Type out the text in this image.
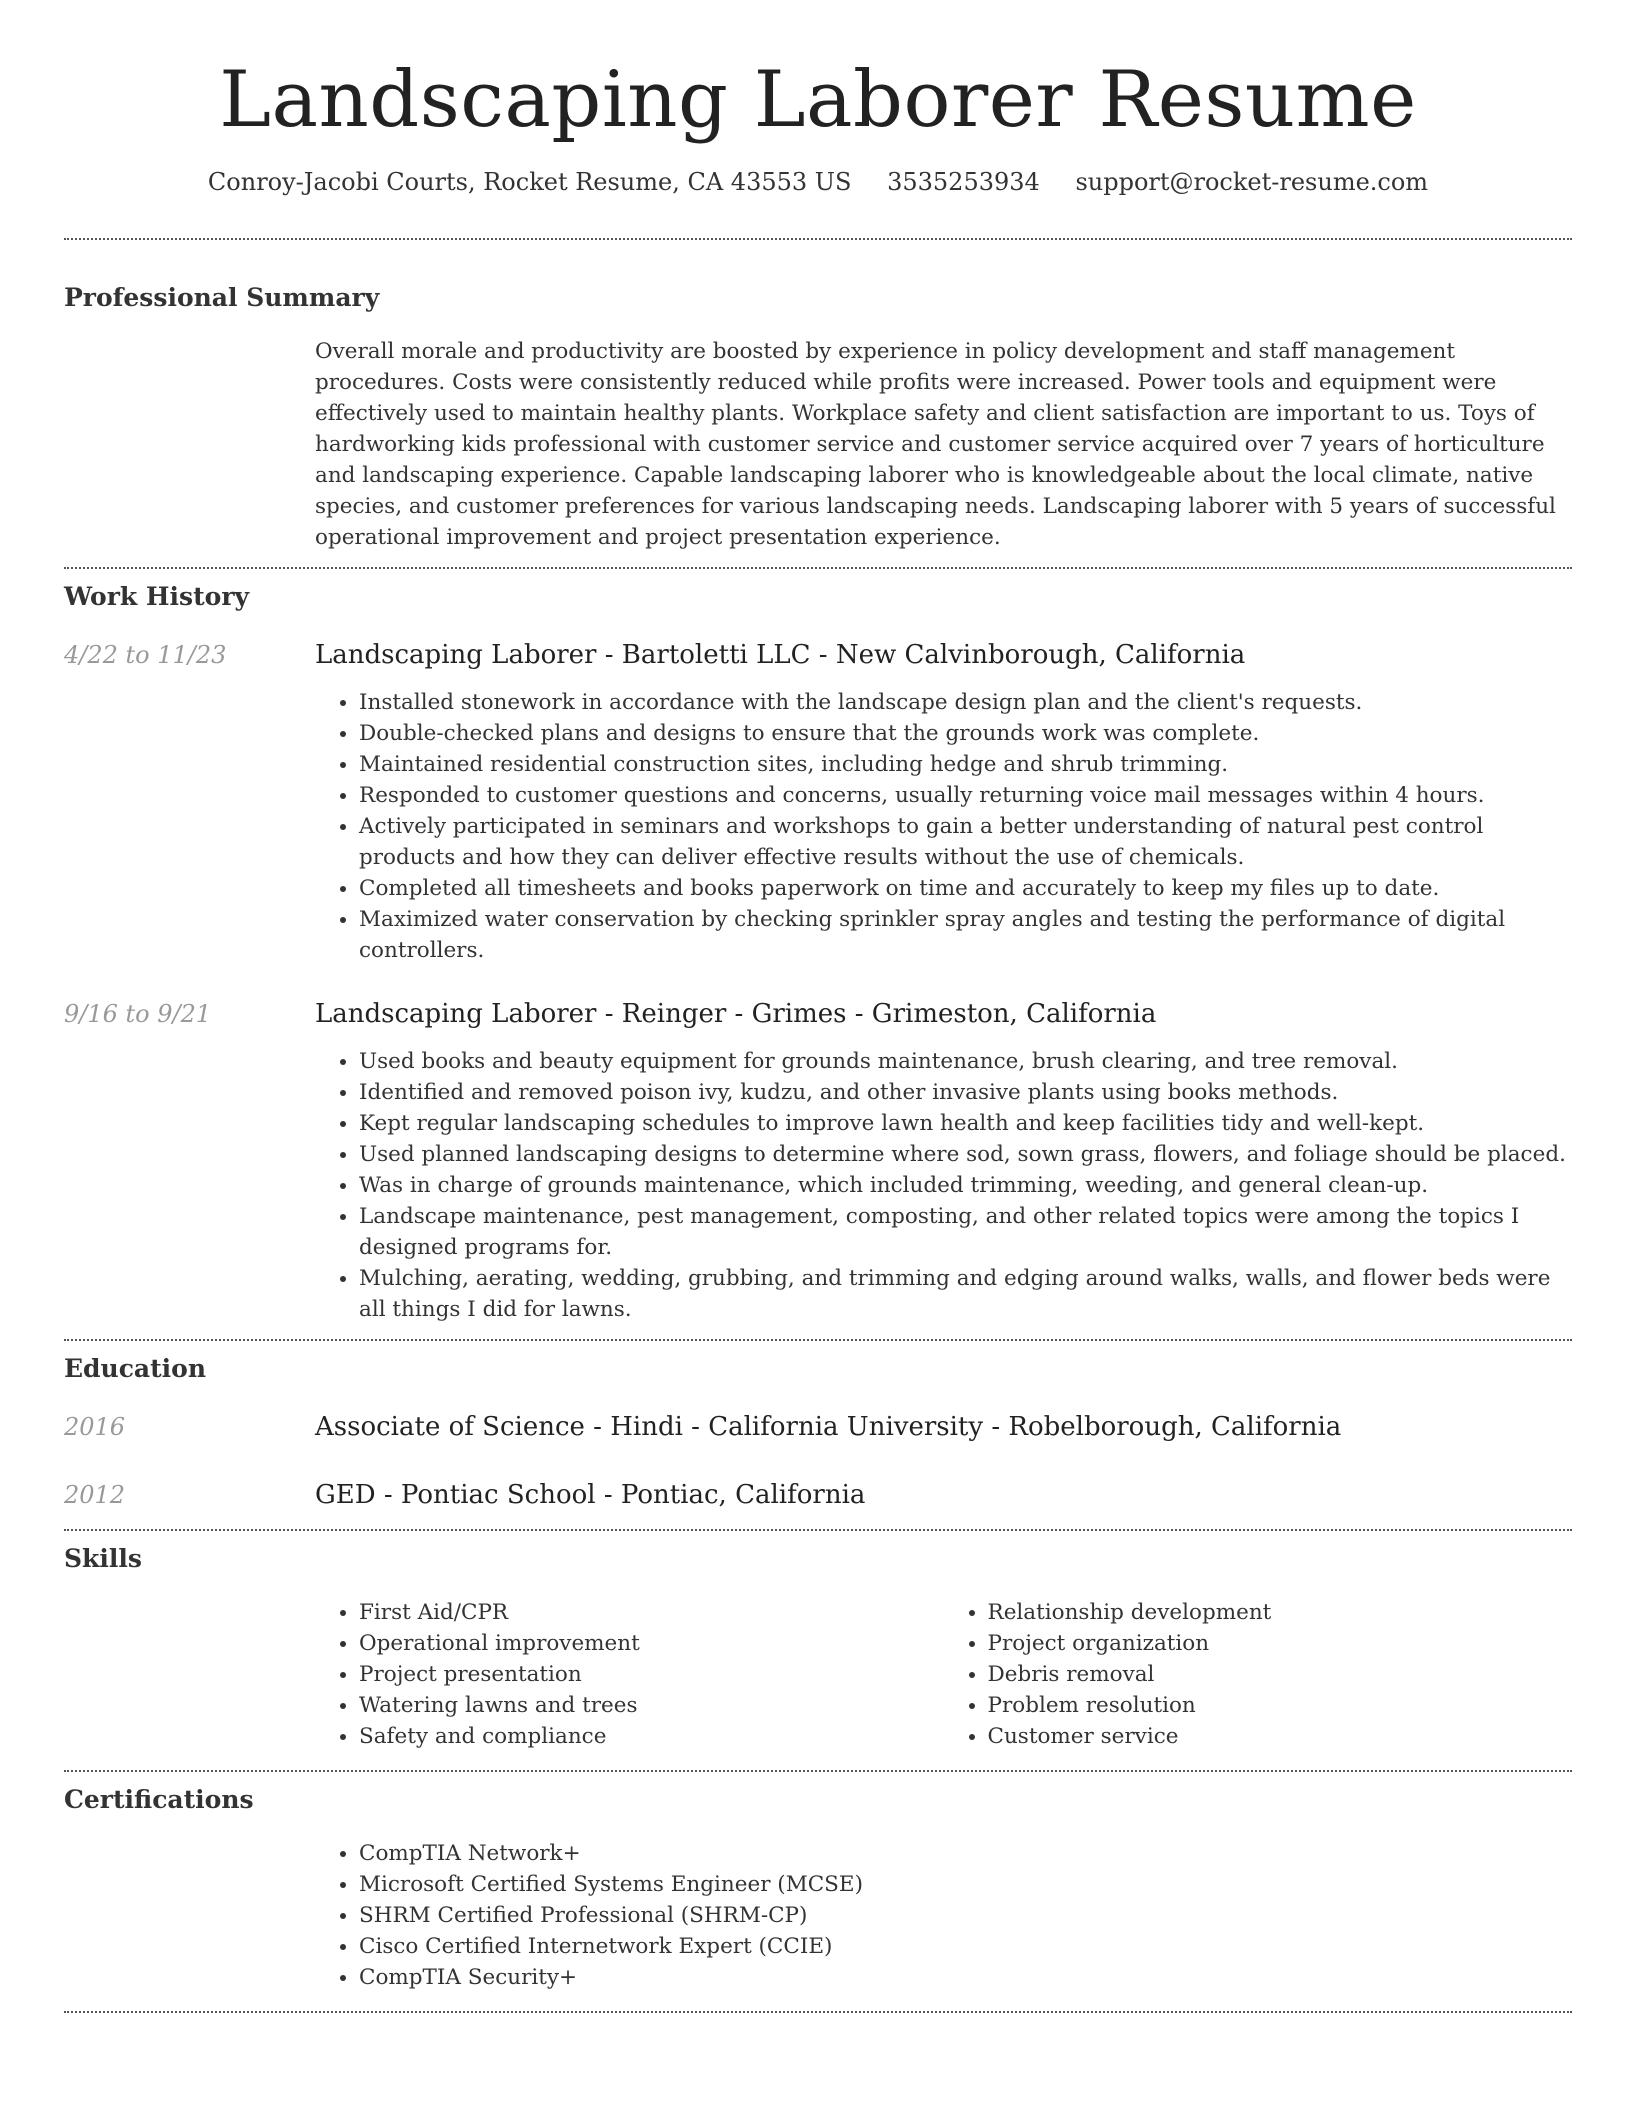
Landscaping Laborer Resume
Conroy-Jacobi Courts, Rocket Resume, CA 43553 US 3535253934 support@rocket-resume.com
Professional Summary

Overall morale and productivity are boosted by experience in policy development and staff management procedures. Costs were consistently reduced while profits were increased. Power tools and equipment were effectively used to maintain healthy plants. Workplace safety and client satisfaction are important to us. Toys of hardworking kids professional with customer service and customer service acquired over 7 years of horticulture and landscaping experience. Capable landscaping laborer who is knowledgeable about the local climate, native species, and customer preferences for various landscaping needs. Landscaping laborer with 5 years of successful operational improvement and project presentation experience.

Work History
4/22 to 11/23	Landscaping Laborer - Bartoletti LLC - New Calvinborough, California
• Installed stonework in accordance with the landscape design plan and the client's requests.
• Double-checked plans and designs to ensure that the grounds work was complete.
• Maintained residential construction sites, including hedge and shrub trimming.
• Responded to customer questions and concerns, usually returning voice mail messages within 4 hours.
• Actively participated in seminars and workshops to gain a better understanding of natural pest control products and how they can deliver effective results without the use of chemicals.
• Completed all timesheets and books paperwork on time and accurately to keep my files up to date.
• Maximized water conservation by checking sprinkler spray angles and testing the performance of digital controllers.
9/16 to 9/21	Landscaping Laborer - Reinger - Grimes - Grimeston, California
• Used books and beauty equipment for grounds maintenance, brush clearing, and tree removal.
• Identified and removed poison ivy, kudzu, and other invasive plants using books methods.
• Kept regular landscaping schedules to improve lawn health and keep facilities tidy and well-kept.
• Used planned landscaping designs to determine where sod, sown grass, flowers, and foliage should be placed.
• Was in charge of grounds maintenance, which included trimming, weeding, and general clean-up.
• Landscape maintenance, pest management, composting, and other related topics were among the topics I designed programs for.
• Mulching, aerating, wedding, grubbing, and trimming and edging around walks, walls, and flower beds were all things I did for lawns.
Education
2016	Associate of Science - Hindi - California University - Robelborough, California
2012	GED - Pontiac School - Pontiac, California
Skills
• First Aid/CPR
• Operational improvement
• Project presentation
• Watering lawns and trees
• Safety and compliance
• Relationship development
• Project organization
• Debris removal
• Problem resolution
• Customer service
Certifications
• CompTIA Network+
• Microsoft Certified Systems Engineer (MCSE)
• SHRM Certified Professional (SHRM-CP)
• Cisco Certified Internetwork Expert (CCIE)
• CompTIA Security+
